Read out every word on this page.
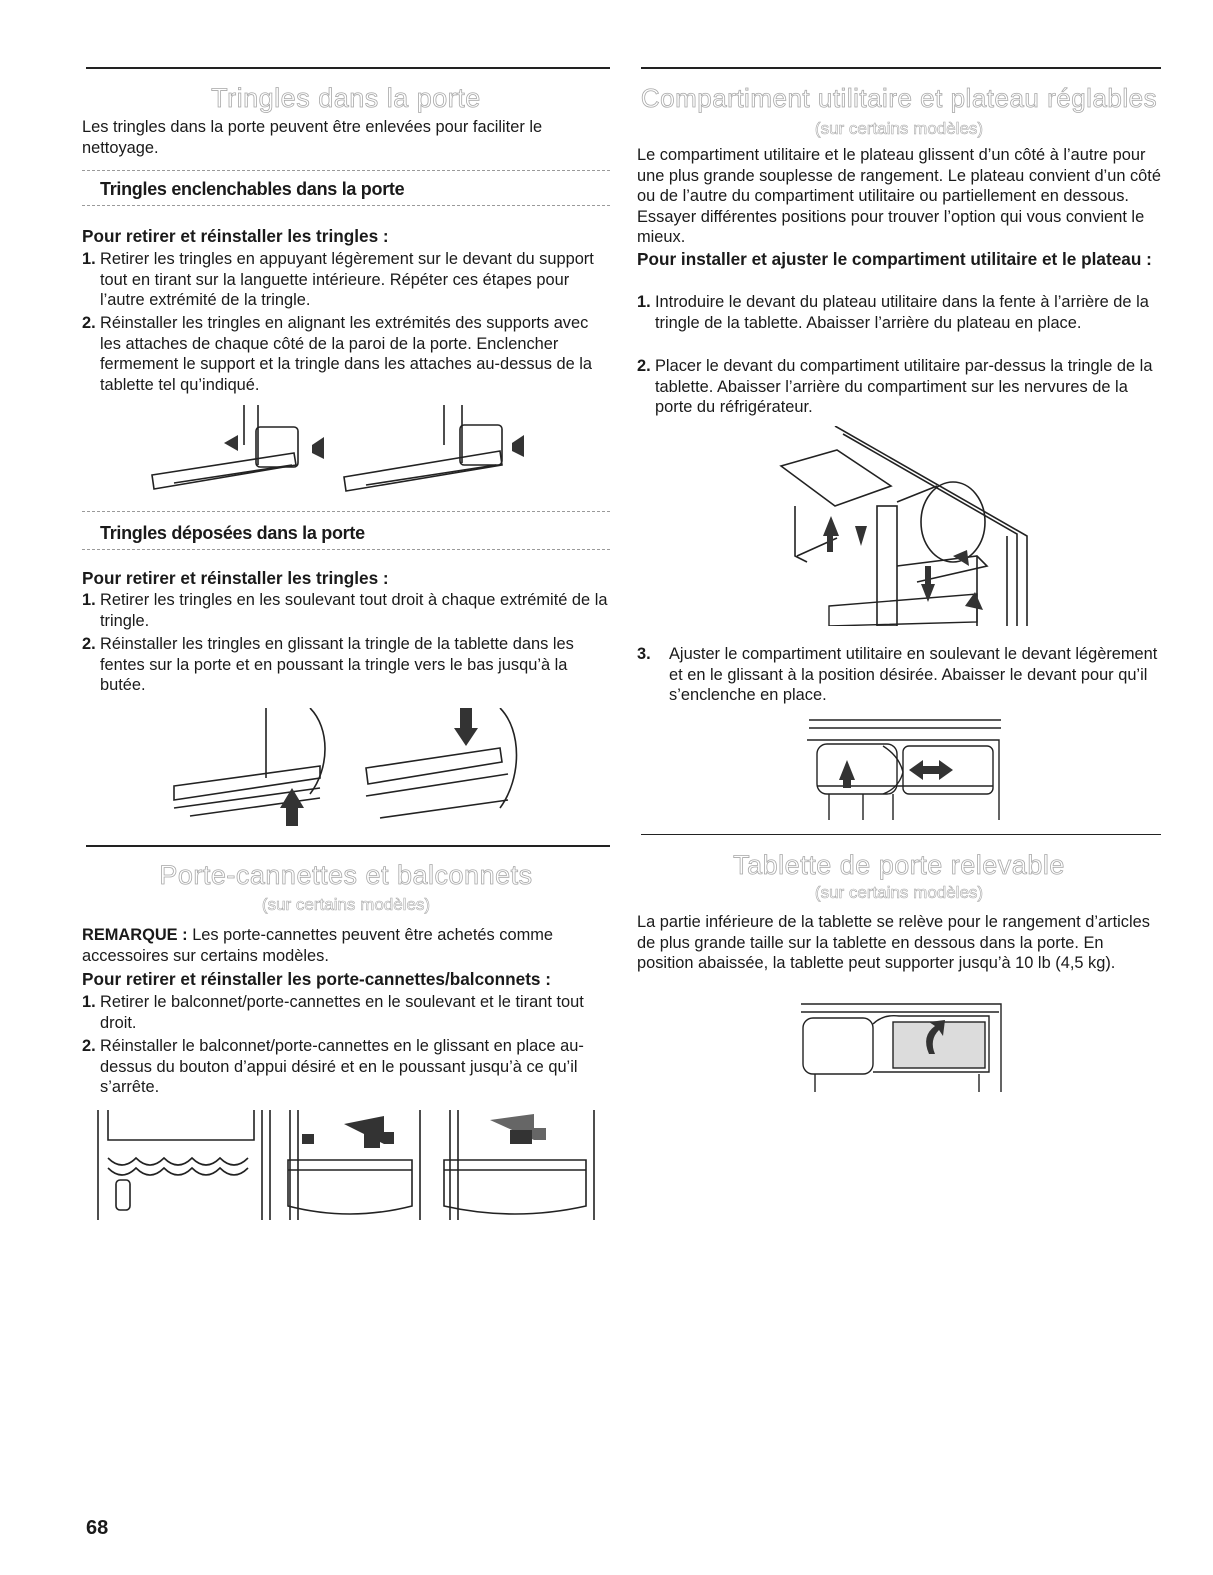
Tringles dans la porte

Les tringles dans la porte peuvent être enlevées pour faciliter le nettoyage.

Tringles enclenchables dans la porte

Pour retirer et réinstaller les tringles :

1. Retirer les tringles en appuyant légèrement sur le devant du support tout en tirant sur la languette intérieure. Répéter ces étapes pour l’autre extrémité de la tringle.
2. Réinstaller les tringles en alignant les extrémités des supports avec les attaches de chaque côté de la paroi de la porte. Enclencher fermement le support et la tringle dans les attaches au-dessus de la tablette tel qu’indiqué.
Tringles déposées dans la porte

Pour retirer et réinstaller les tringles :

1. Retirer les tringles en les soulevant tout droit à chaque extrémité de la tringle.
2. Réinstaller les tringles en glissant la tringle de la tablette dans les fentes sur la porte et en poussant la tringle vers le bas jusqu’à la butée.
Porte-cannettes et balconnets
(sur certains modèles)

REMARQUE : Les porte-cannettes peuvent être achetés comme accessoires sur certains modèles.

Pour retirer et réinstaller les porte-cannettes/balconnets :

1. Retirer le balconnet/porte-cannettes en le soulevant et le tirant tout droit.
2. Réinstaller le balconnet/porte-cannettes en le glissant en place au-dessus du bouton d’appui désiré et en le poussant jusqu’à ce qu’il s’arrête.
Compartiment utilitaire et plateau réglables
(sur certains modèles)

Le compartiment utilitaire et le plateau glissent d’un côté à l’autre pour une plus grande souplesse de rangement. Le plateau convient d’un côté ou de l’autre du compartiment utilitaire ou partiellement en dessous. Essayer différentes positions pour trouver l’option qui vous convient le mieux.

Pour installer et ajuster le compartiment utilitaire et le plateau :

1. Introduire le devant du plateau utilitaire dans la fente à l’arrière de la tringle de la tablette. Abaisser l’arrière du plateau en place.
2. Placer le devant du compartiment utilitaire par-dessus la tringle de la tablette. Abaisser l’arrière du compartiment sur les nervures de la porte du réfrigérateur.
3. Ajuster le compartiment utilitaire en soulevant le devant légèrement et en le glissant à la position désirée. Abaisser le devant pour qu’il s’enclenche en place.
Tablette de porte relevable
(sur certains modèles)

La partie inférieure de la tablette se relève pour le rangement d’articles de plus grande taille sur la tablette en dessous dans la porte. En position abaissée, la tablette peut supporter jusqu’à 10 lb (4,5 kg).

68
